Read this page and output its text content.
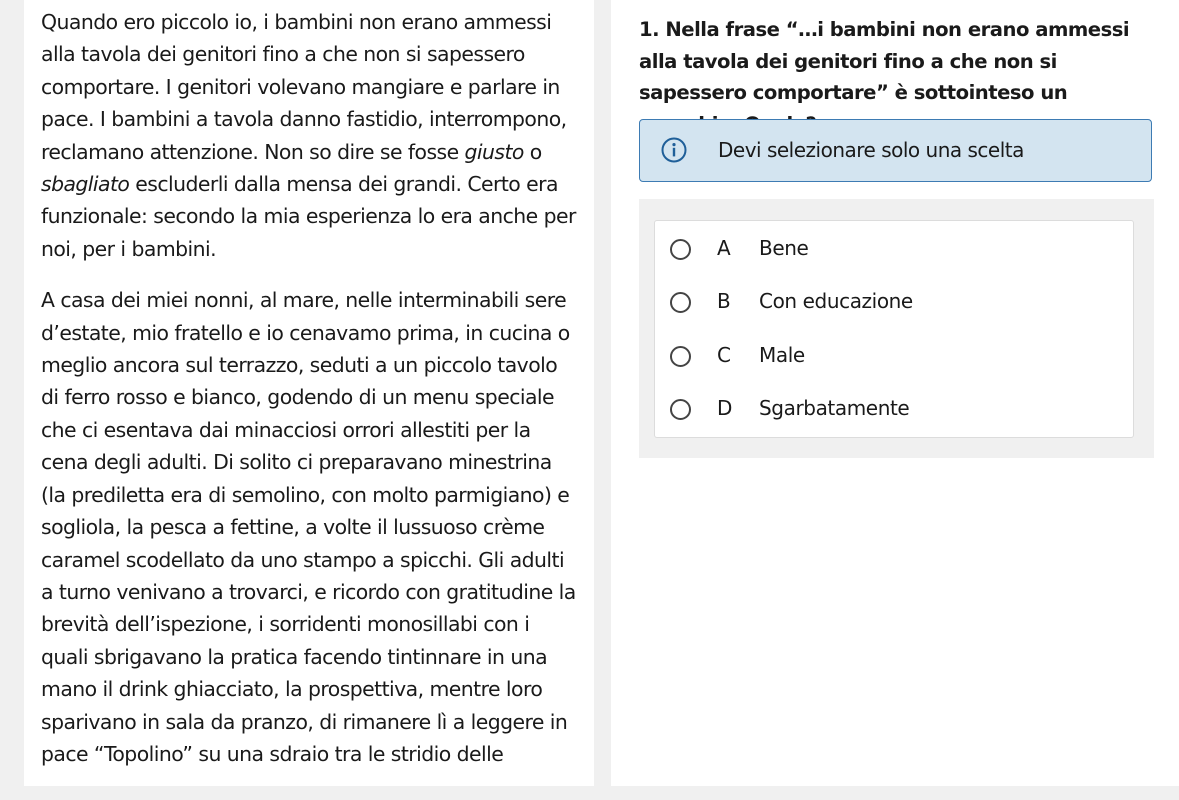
Quando ero piccolo io, i bambini non erano ammessi alla tavola dei genitori fino a che non si sapessero comportare. I genitori volevano mangiare e parlare in pace. I bambini a tavola danno fastidio, interrompono, reclamano attenzione. Non so dire se fosse giusto o sbagliato escluderli dalla mensa dei grandi. Certo era funzionale: secondo la mia esperienza lo era anche per noi, per i bambini.

A casa dei miei nonni, al mare, nelle interminabili sere d’estate, mio fratello e io cenavamo prima, in cucina o meglio ancora sul terrazzo, seduti a un piccolo tavolo di ferro rosso e bianco, godendo di un menu speciale che ci esentava dai minacciosi orrori allestiti per la cena degli adulti. Di solito ci preparavano minestrina (la prediletta era di semolino, con molto parmigiano) e sogliola, la pesca a fettine, a volte il lussuoso crème caramel scodellato da uno stampo a spicchi. Gli adulti a turno venivano a trovarci, e ricordo con gratitudine la brevità dell’ispezione, i sorridenti monosillabi con i quali sbrigavano la pratica facendo tintinnare in una mano il drink ghiacciato, la prospettiva, mentre loro sparivano in sala da pranzo, di rimanere lì a leggere in pace “Topolino” su una sdraio tra le stridio delle

1. Nella frase “…i bambini non erano ammessi alla tavola dei genitori fino a che non si sapessero comportare” è sottointeso un
Devi selezionare solo una scelta
A Bene
B Con educazione
C Male
D Sgarbatamente
